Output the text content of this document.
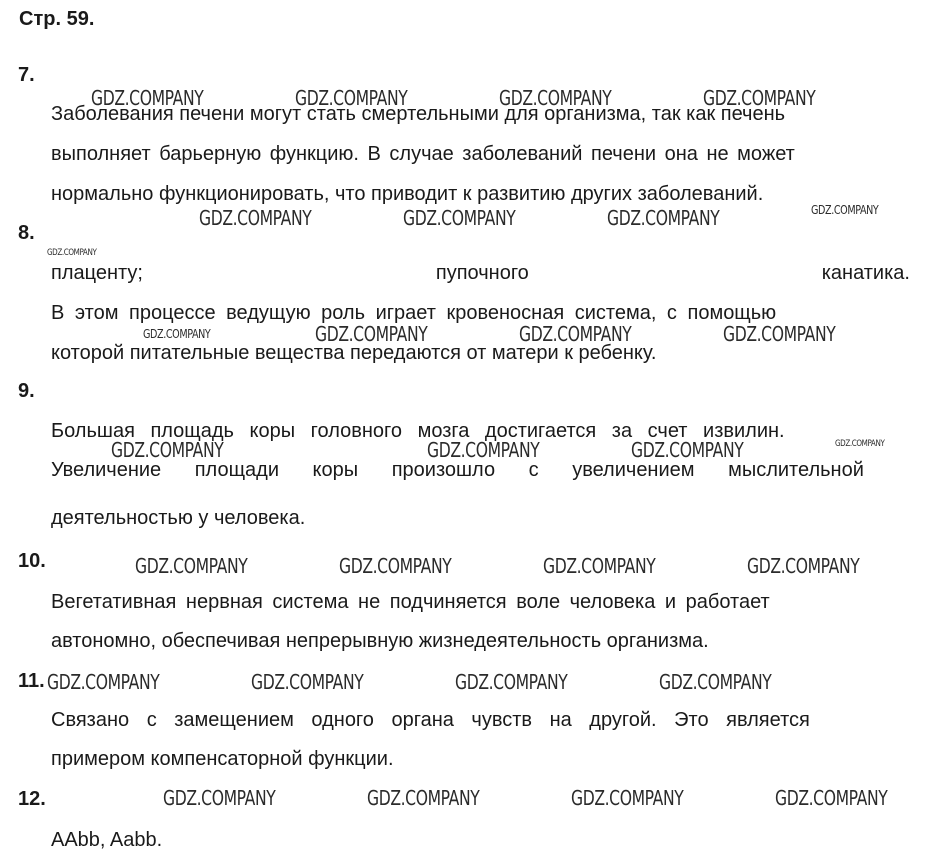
Стр. 59.
7.
Заболевания печени могут стать смертельными для организма, так как печень
выполняет барьерную функцию. В случае заболеваний печени она не может
нормально функционировать, что приводит к развитию других заболеваний.
8.
плаценту;	пупочного	канатика.
В этом процессе ведущую роль играет кровеносная система, с помощью
которой питательные вещества передаются от матери к ребенку.
9.
Большая площадь коры головного мозга достигается за счет извилин.
Увеличение площади коры произошло с увеличением мыслительной
деятельностью у человека.
10.
Вегетативная нервная система не подчиняется воле человека и работает
автономно, обеспечивая непрерывную жизнедеятельность организма.
11.
Связано с замещением одного органа чувств на другой. Это является
примером компенсаторной функции.
12.
AAbb, Aabb.
GDZ.COMPANY	GDZ.COMPANY	GDZ.COMPANY	GDZ.COMPANY
GDZ.COMPANY	GDZ.COMPANY	GDZ.COMPANY	GDZ.COMPANY
GDZ.COMPANY
GDZ.COMPANY	GDZ.COMPANY	GDZ.COMPANY	GDZ.COMPANY
GDZ.COMPANY	GDZ.COMPANY	GDZ.COMPANY	GDZ.COMPANY
GDZ.COMPANY	GDZ.COMPANY	GDZ.COMPANY	GDZ.COMPANY
GDZ.COMPANY	GDZ.COMPANY	GDZ.COMPANY	GDZ.COMPANY
GDZ.COMPANY	GDZ.COMPANY	GDZ.COMPANY	GDZ.COMPANY
